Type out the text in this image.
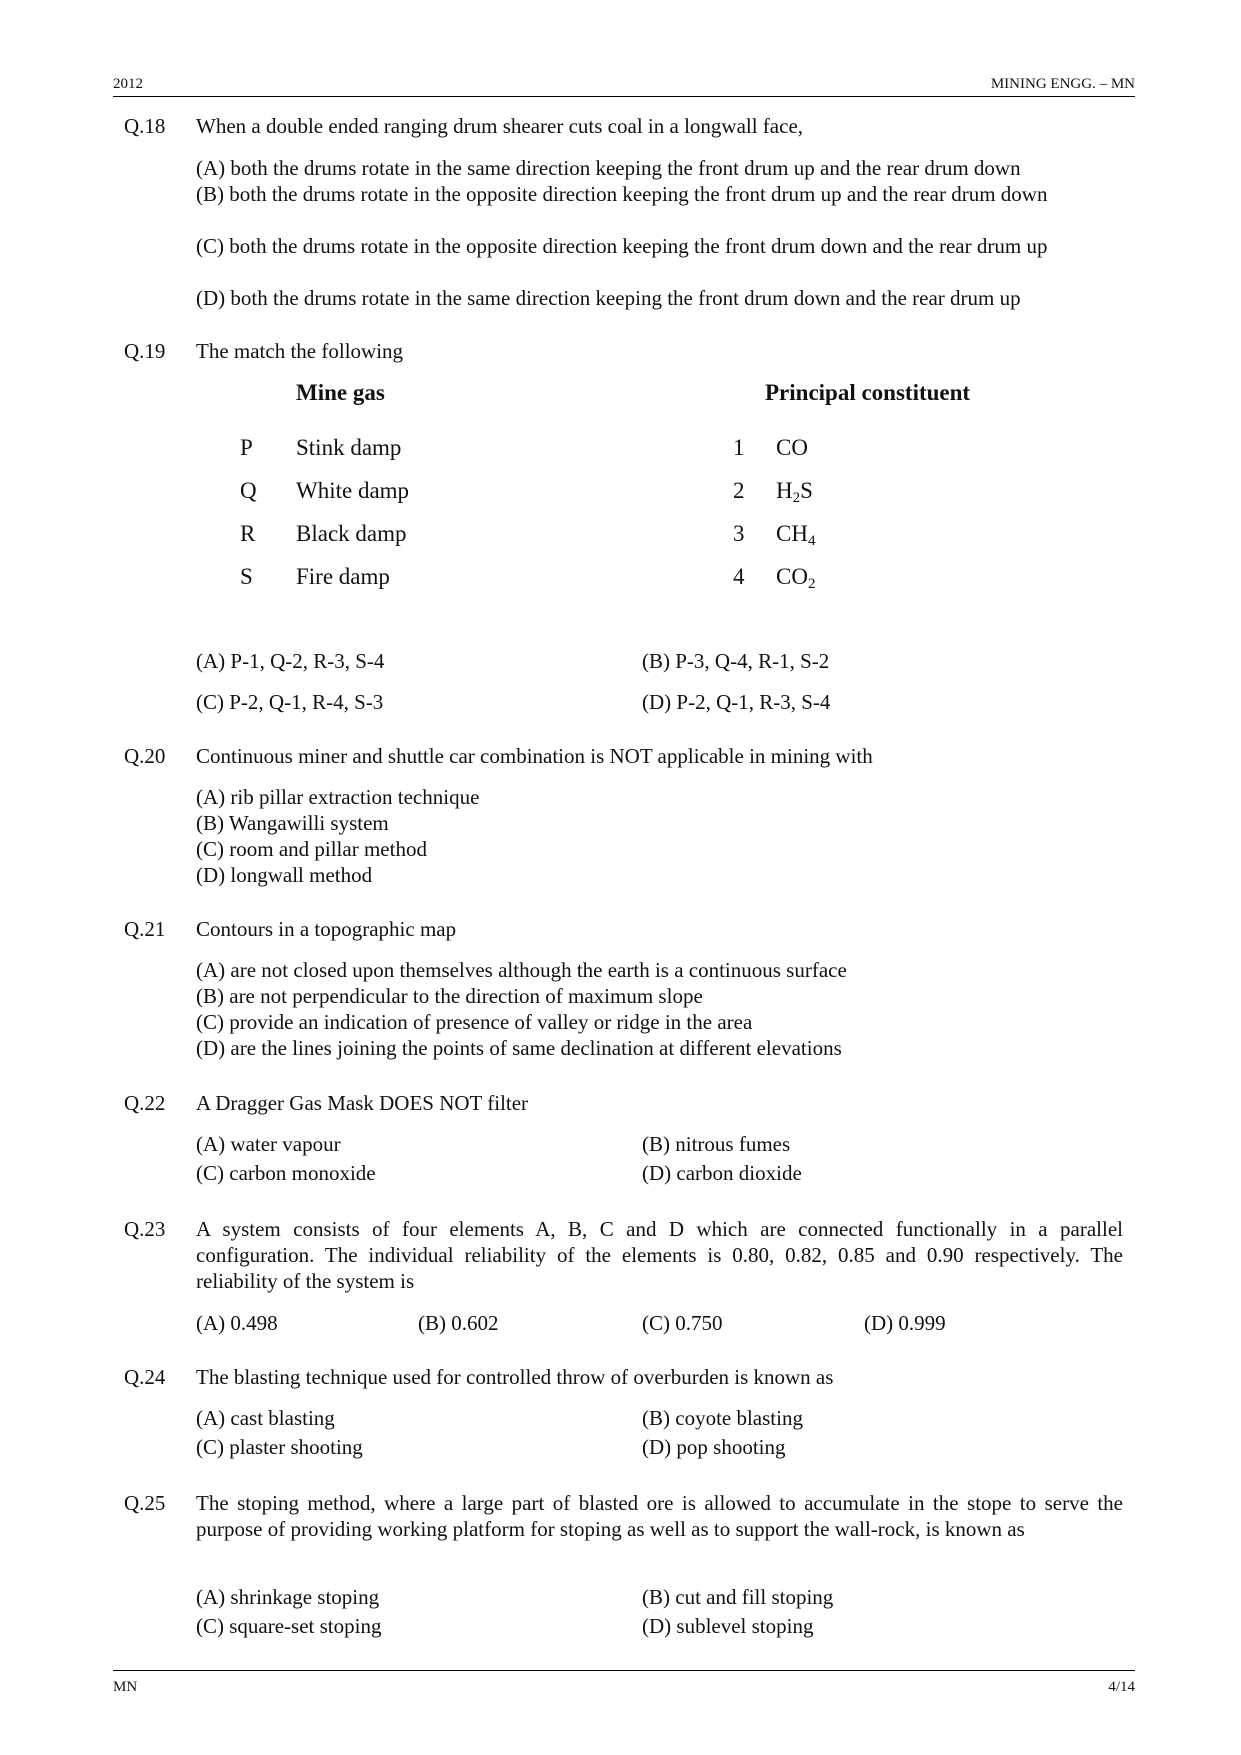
2012	MINING ENGG. – MN
Q.18 When a double ended ranging drum shearer cuts coal in a longwall face,
(A) both the drums rotate in the same direction keeping the front drum up and the rear drum down
(B) both the drums rotate in the opposite direction keeping the front drum up and the rear drum down
(C) both the drums rotate in the opposite direction keeping the front drum down and the rear drum up
(D) both the drums rotate in the same direction keeping the front drum down and the rear drum up
Q.19 The match the following
Mine gas	Principal constituent
P Stink damp	1 CO
Q White damp	2 $H_2S$
R Black damp	3 $CH_4$
S Fire damp	4 $CO_2$
(A) P-1, Q-2, R-3, S-4	(B) P-3, Q-4, R-1, S-2
(C) P-2, Q-1, R-4, S-3	(D) P-2, Q-1, R-3, S-4
Q.20 Continuous miner and shuttle car combination is NOT applicable in mining with
(A) rib pillar extraction technique
(B) Wangawilli system
(C) room and pillar method
(D) longwall method
Q.21 Contours in a topographic map
(A) are not closed upon themselves although the earth is a continuous surface
(B) are not perpendicular to the direction of maximum slope
(C) provide an indication of presence of valley or ridge in the area
(D) are the lines joining the points of same declination at different elevations
Q.22 A Dragger Gas Mask DOES NOT filter
(A) water vapour	(B) nitrous fumes
(C) carbon monoxide	(D) carbon dioxide
Q.23 A system consists of four elements A, B, C and D which are connected functionally in a parallel configuration. The individual reliability of the elements is 0.80, 0.82, 0.85 and 0.90 respectively. The reliability of the system is
(A) 0.498	(B) 0.602	(C) 0.750	(D) 0.999
Q.24 The blasting technique used for controlled throw of overburden is known as
(A) cast blasting	(B) coyote blasting
(C) plaster shooting	(D) pop shooting
Q.25 The stoping method, where a large part of blasted ore is allowed to accumulate in the stope to serve the purpose of providing working platform for stoping as well as to support the wall-rock, is known as
(A) shrinkage stoping	(B) cut and fill stoping
(C) square-set stoping	(D) sublevel stoping
MN	4/14
